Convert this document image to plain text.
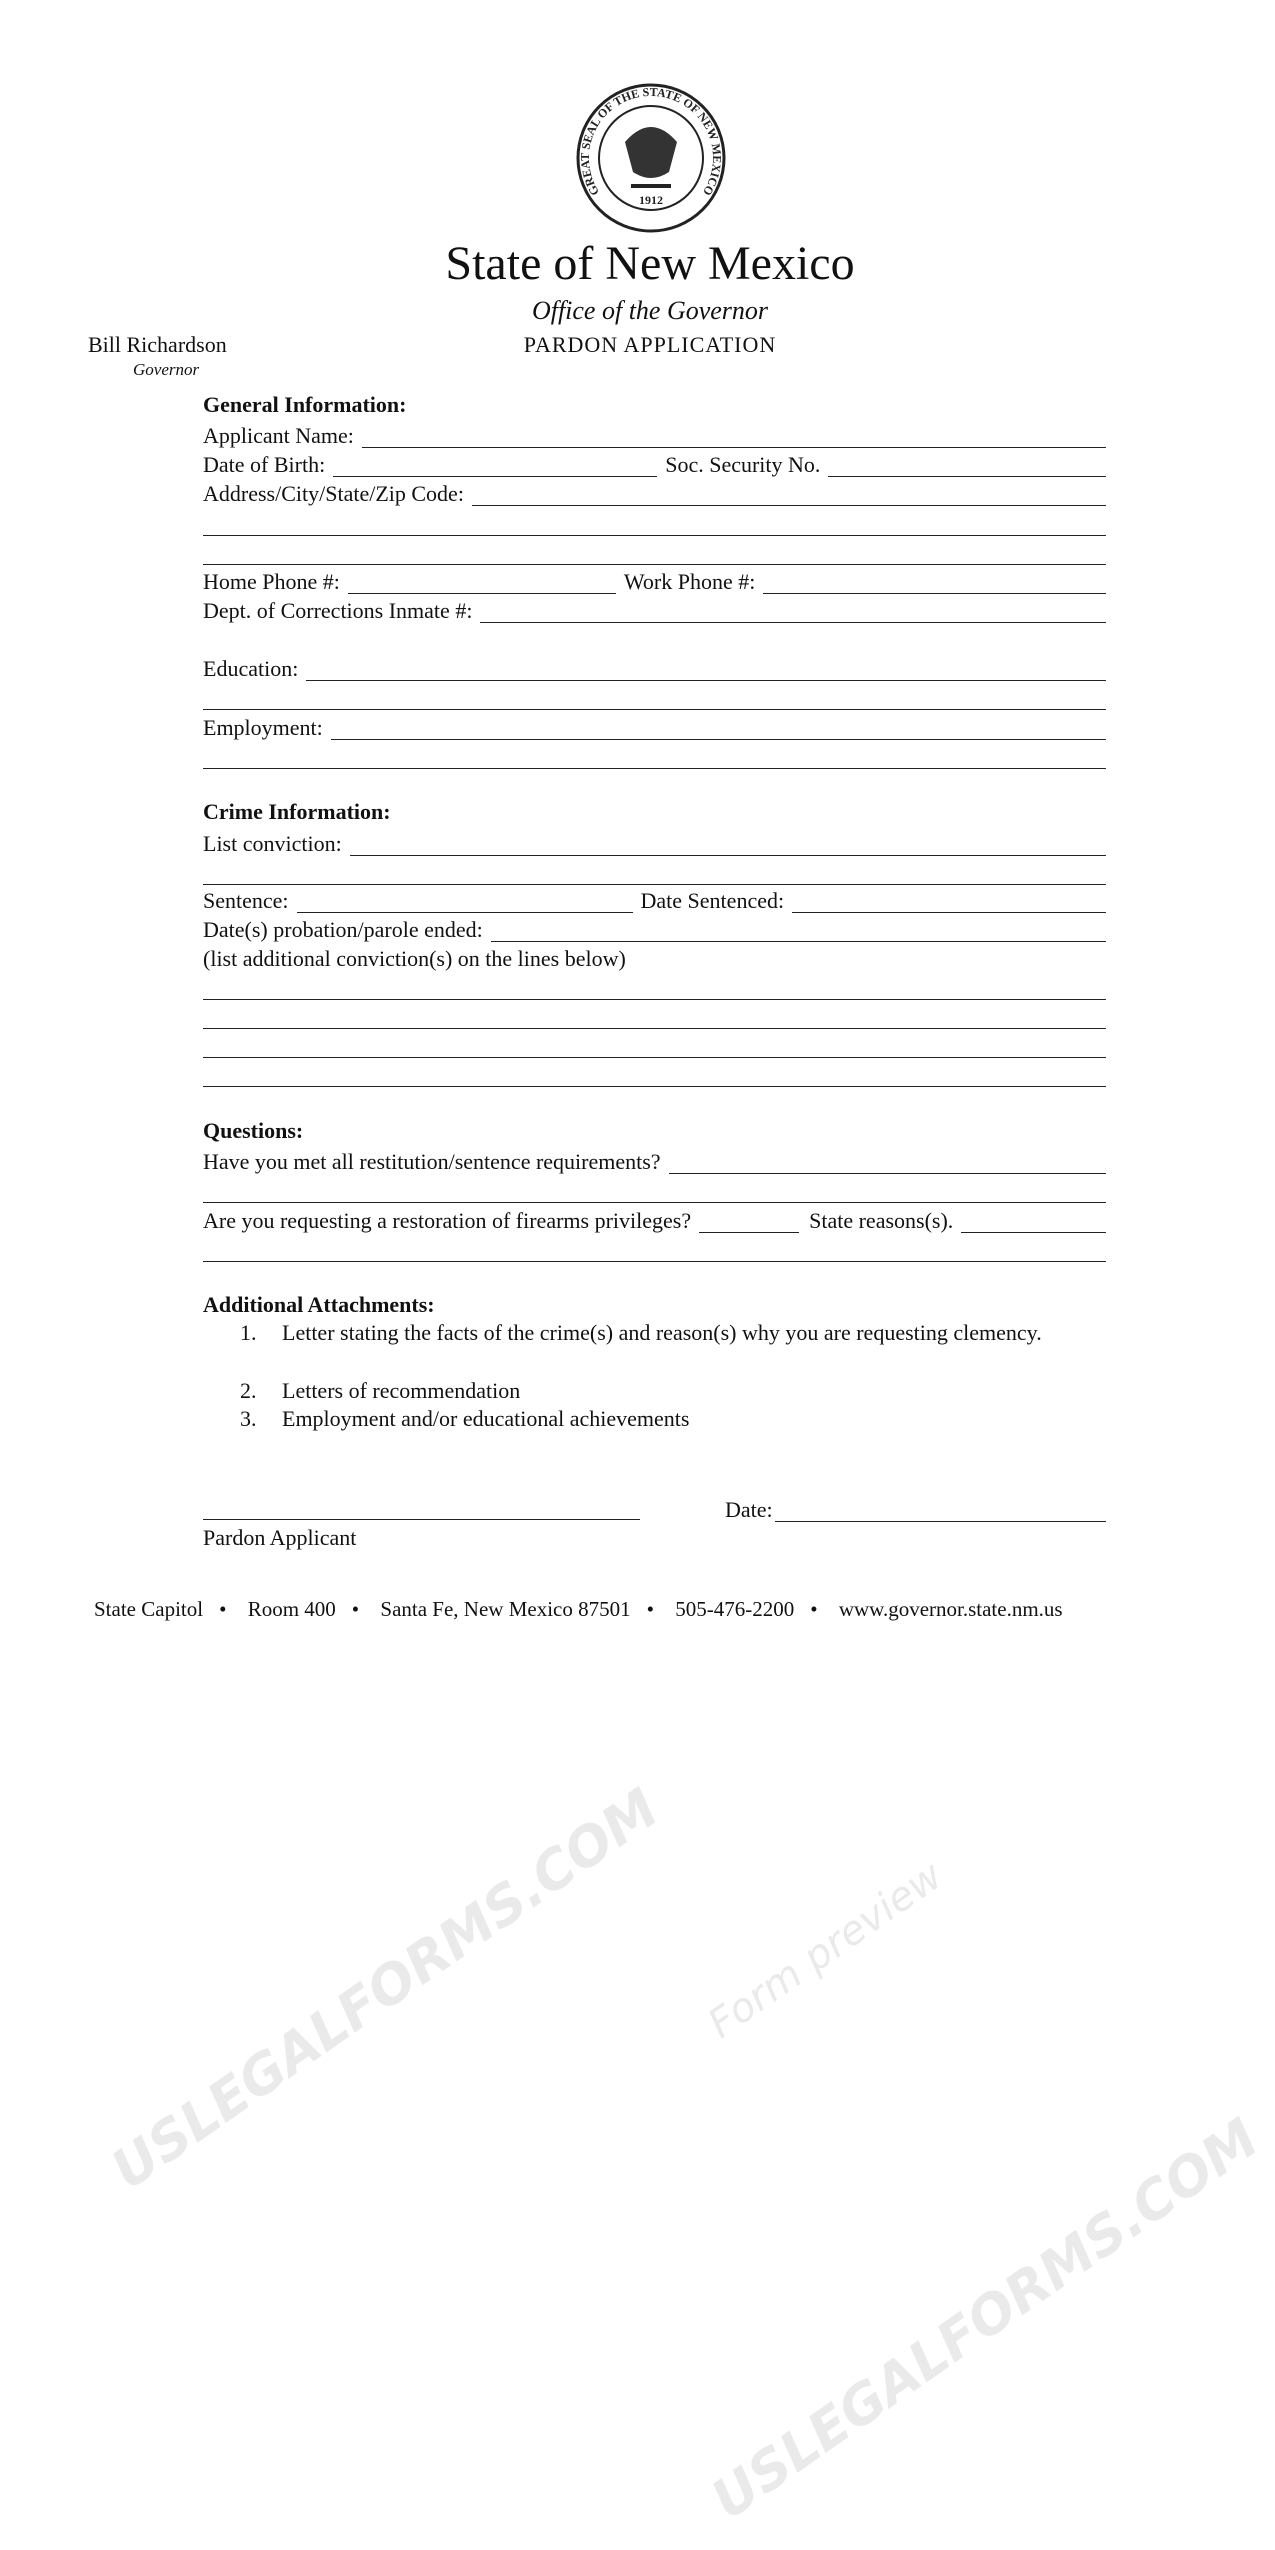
USLEGALFORMS.COM Form preview
USLEGALFORMS.COM
GREAT SEAL OF THE STATE OF NEW MEXICO
1912
State of New Mexico
Office of the Governor
PARDON APPLICATION
Bill Richardson
Governor
General Information:
Applicant Name:
Date of Birth:	Soc. Security No.
Address/City/State/Zip Code:
Home Phone #:	Work Phone #:
Dept. of Corrections Inmate #:
Education:
Employment:
Crime Information:
List conviction:
Sentence:	Date Sentenced:
Date(s) probation/parole ended:
(list additional conviction(s) on the lines below)
Questions:
Have you met all restitution/sentence requirements?
Are you requesting a restoration of firearms privileges?	State reasons(s).
Additional Attachments:
1. Letter stating the facts of the crime(s) and reason(s) why you are requesting clemency.
2. Letters of recommendation
3. Employment and/or educational achievements
Date:
Pardon Applicant
State Capitol • Room 400 • Santa Fe, New Mexico 87501 • 505-476-2200 • www.governor.state.nm.us
